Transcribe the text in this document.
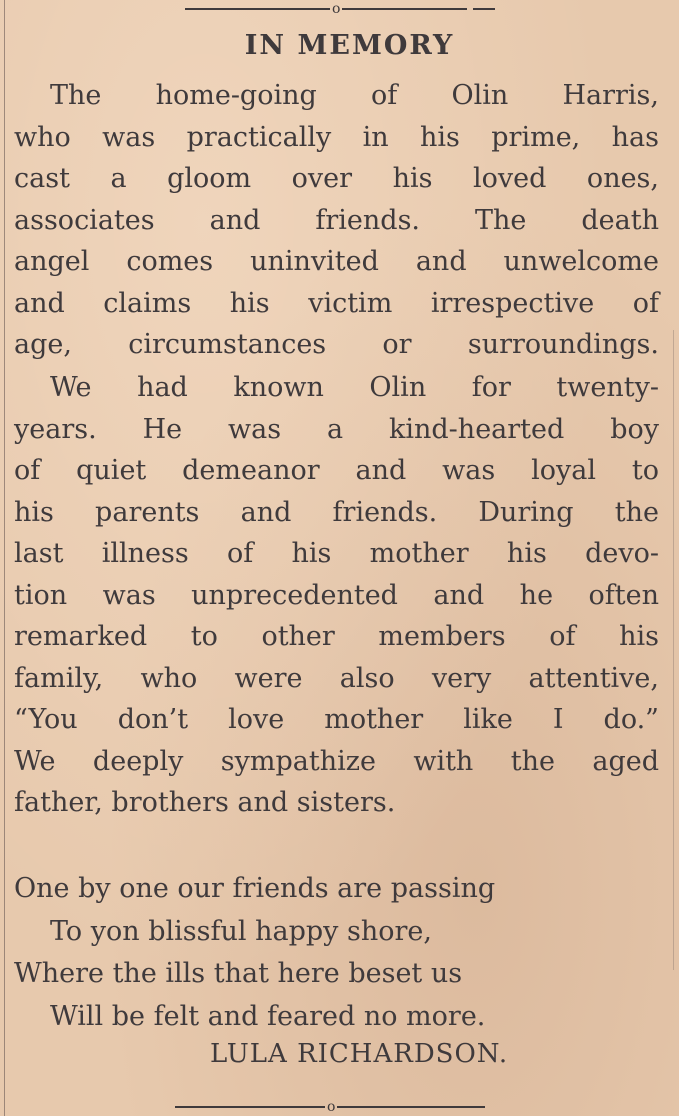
o
IN MEMORY
The home-going of Olin Harris,
who was practically in his prime, has
cast a gloom over his loved ones,
associates and friends. The death
angel comes uninvited and unwelcome
and claims his victim irrespective of
age, circumstances or surroundings.
We had known Olin for twenty-
years. He was a kind-hearted boy
of quiet demeanor and was loyal to
his parents and friends. During the
last illness of his mother his devo-
tion was unprecedented and he often
remarked to other members of his
family, who were also very attentive,
“You don’t love mother like I do.”
We deeply sympathize with the aged
father, brothers and sisters.
One by one our friends are passing
To yon blissful happy shore,
Where the ills that here beset us
Will be felt and feared no more.
LULA RICHARDSON.
o
